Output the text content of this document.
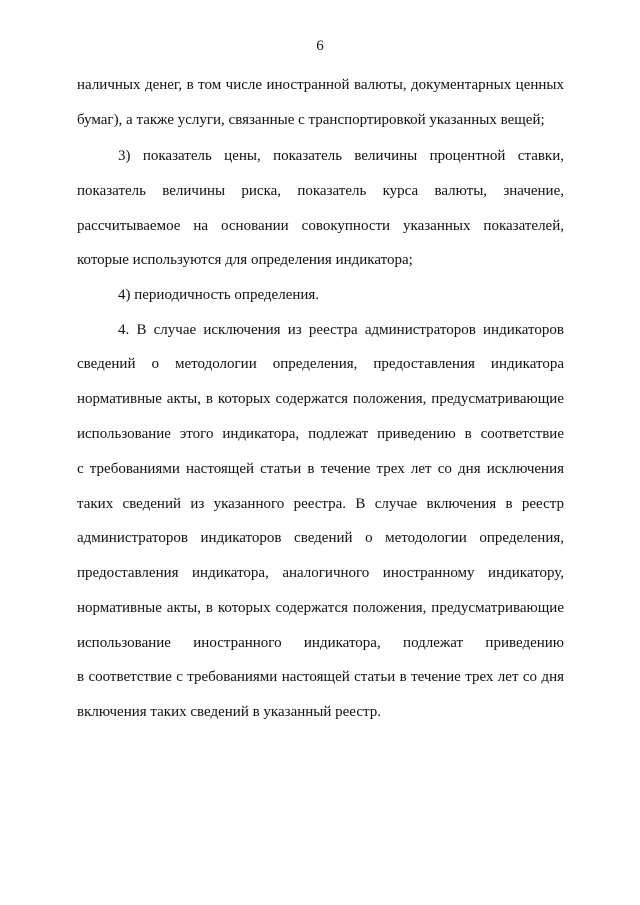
6
наличных денег, в том числе иностранной валюты, документарных ценных
бумаг), а также услуги, связанные с транспортировкой указанных вещей;
3) показатель цены, показатель величины процентной ставки,
показатель величины риска, показатель курса валюты, значение,
рассчитываемое на основании совокупности указанных показателей,
которые используются для определения индикатора;
4) периодичность определения.
4. В случае исключения из реестра администраторов индикаторов
сведений о методологии определения, предоставления индикатора
нормативные акты, в которых содержатся положения, предусматривающие
использование этого индикатора, подлежат приведению в соответствие
с требованиями настоящей статьи в течение трех лет со дня исключения
таких сведений из указанного реестра. В случае включения в реестр
администраторов индикаторов сведений о методологии определения,
предоставления индикатора, аналогичного иностранному индикатору,
нормативные акты, в которых содержатся положения, предусматривающие
использование иностранного индикатора, подлежат приведению
в соответствие с требованиями настоящей статьи в течение трех лет со дня
включения таких сведений в указанный реестр.
